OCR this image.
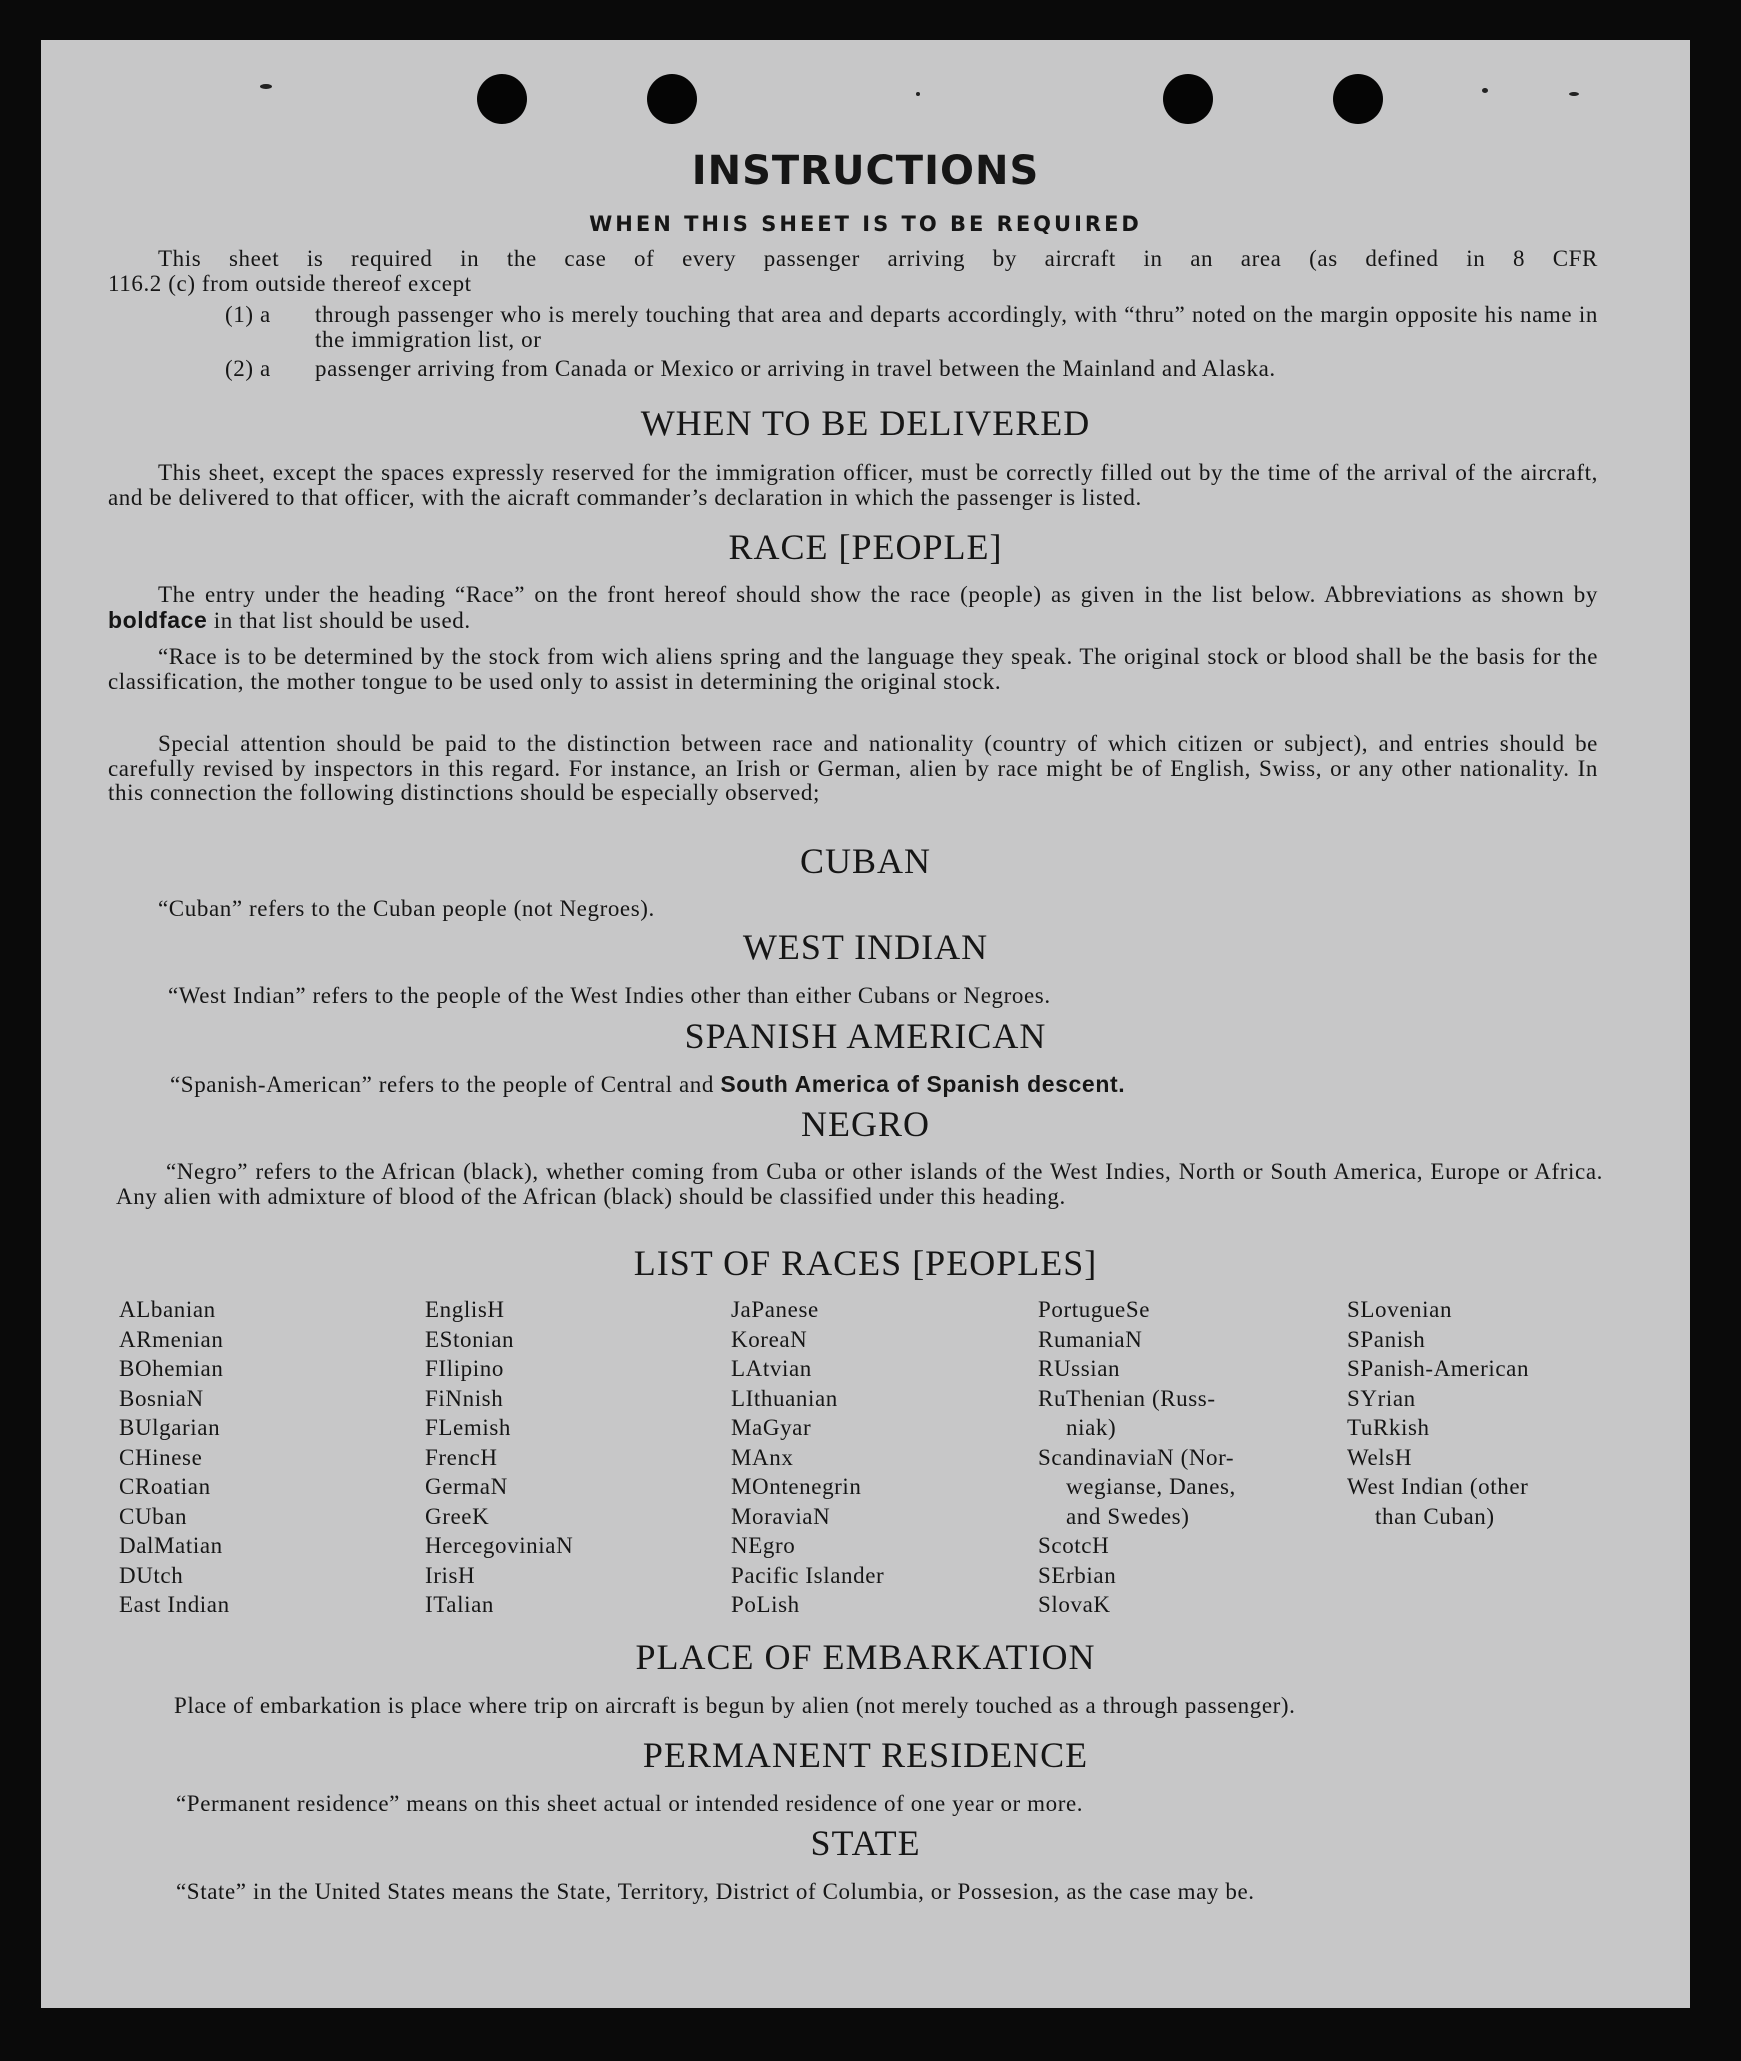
INSTRUCTIONS
WHEN THIS SHEET IS TO BE REQUIRED
This sheet is required in the case of every passenger arriving by aircraft in an area (as defined in 8 CFR
116.2 (c) from outside thereof except
(1) a through passenger who is merely touching that area and departs accordingly, with “thru” noted on the margin opposite his name in the immigration list, or
(2) a passenger arriving from Canada or Mexico or arriving in travel between the Mainland and Alaska.
WHEN TO BE DELIVERED
This sheet, except the spaces expressly reserved for the immigration officer, must be correctly filled out by the time of the arrival of the aircraft, and be delivered to that officer, with the aicraft commander’s declaration in which the passenger is listed.
RACE [PEOPLE]
The entry under the heading “Race” on the front hereof should show the race (people) as given in the list below. Abbreviations as shown by boldface in that list should be used.
“Race is to be determined by the stock from wich aliens spring and the language they speak. The original stock or blood shall be the basis for the classification, the mother tongue to be used only to assist in determining the original stock.
Special attention should be paid to the distinction between race and nationality (country of which citizen or subject), and entries should be carefully revised by inspectors in this regard. For instance, an Irish or German, alien by race might be of English, Swiss, or any other nationality. In this connection the following distinctions should be especially observed;
CUBAN
“Cuban” refers to the Cuban people (not Negroes).
WEST INDIAN
“West Indian” refers to the people of the West Indies other than either Cubans or Negroes.
SPANISH AMERICAN
“Spanish-American” refers to the people of Central and South America of Spanish descent.
NEGRO
“Negro” refers to the African (black), whether coming from Cuba or other islands of the West Indies, North or South America, Europe or Africa. Any alien with admixture of blood of the African (black) should be classified under this heading.
LIST OF RACES [PEOPLES]
ALbanian
ARmenian
BOhemian
BosniaN
BUlgarian
CHinese
CRoatian
CUban
DalMatian
DUtch
East Indian
EnglisH
EStonian
FIlipino
FiNnish
FLemish
FrencH
GermaN
GreeK
HercegoviniaN
IrisH
ITalian
JaPanese
KoreaN
LAtvian
LIthuanian
MaGyar
MAnx
MOntenegrin
MoraviaN
NEgro
Pacific Islander
PoLish
PortugueSe
RumaniaN
RUssian
RuThenian (Russ-
niak)
ScandinaviaN (Nor-
wegianse, Danes,
and Swedes)
ScotcH
SErbian
SlovaK
SLovenian
SPanish
SPanish-American
SYrian
TuRkish
WelsH
West Indian (other
than Cuban)
PLACE OF EMBARKATION
Place of embarkation is place where trip on aircraft is begun by alien (not merely touched as a through passenger).
PERMANENT RESIDENCE
“Permanent residence” means on this sheet actual or intended residence of one year or more.
STATE
“State” in the United States means the State, Territory, District of Columbia, or Possesion, as the case may be.
